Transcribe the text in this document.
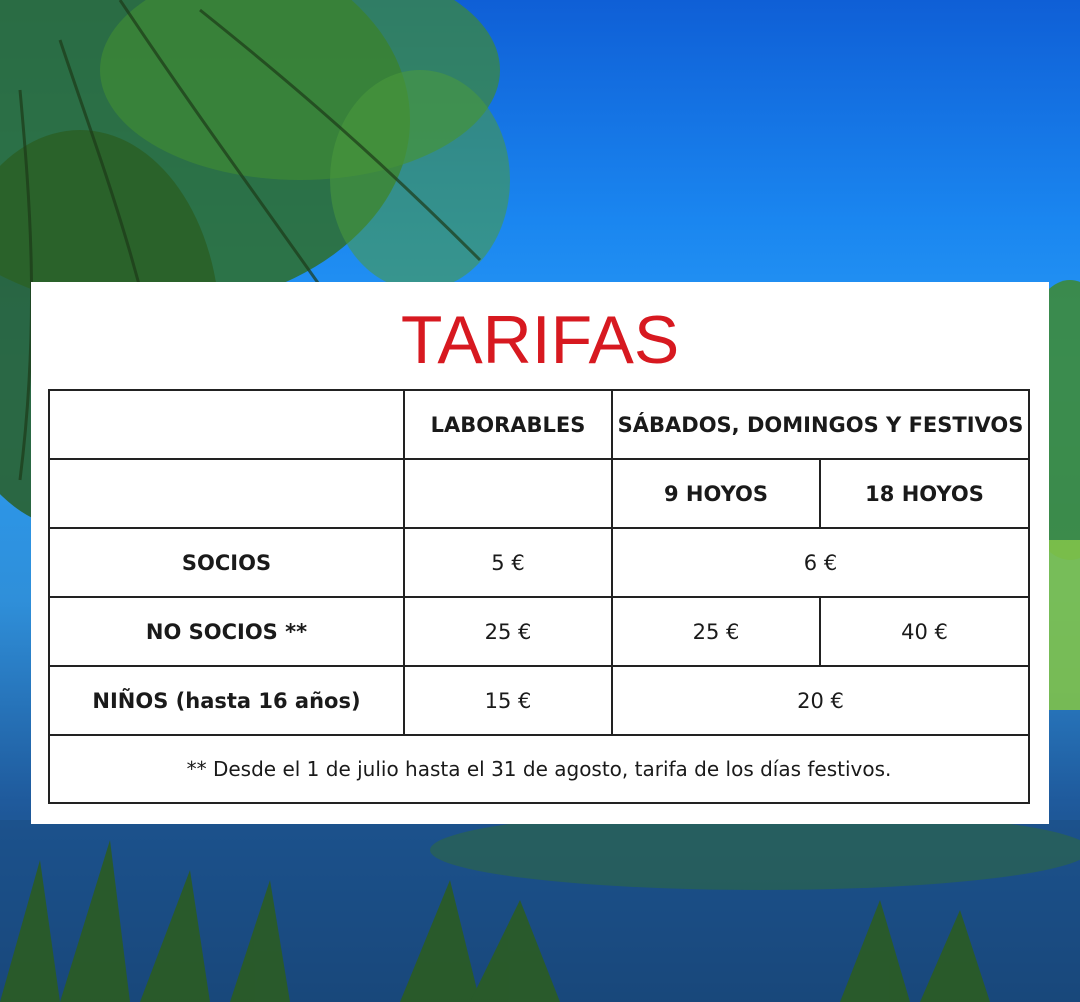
TARIFAS
	LABORABLES	SÁBADOS, DOMINGOS Y FESTIVOS	
		9 HOYOS	18 HOYOS
SOCIOS	5 €	6 €	
NO SOCIOS **	25 €	25 €	40 €
NIÑOS (hasta 16 años)	15 €	20 €	
** Desde el 1 de julio hasta el 31 de agosto, tarifa de los días festivos.			
